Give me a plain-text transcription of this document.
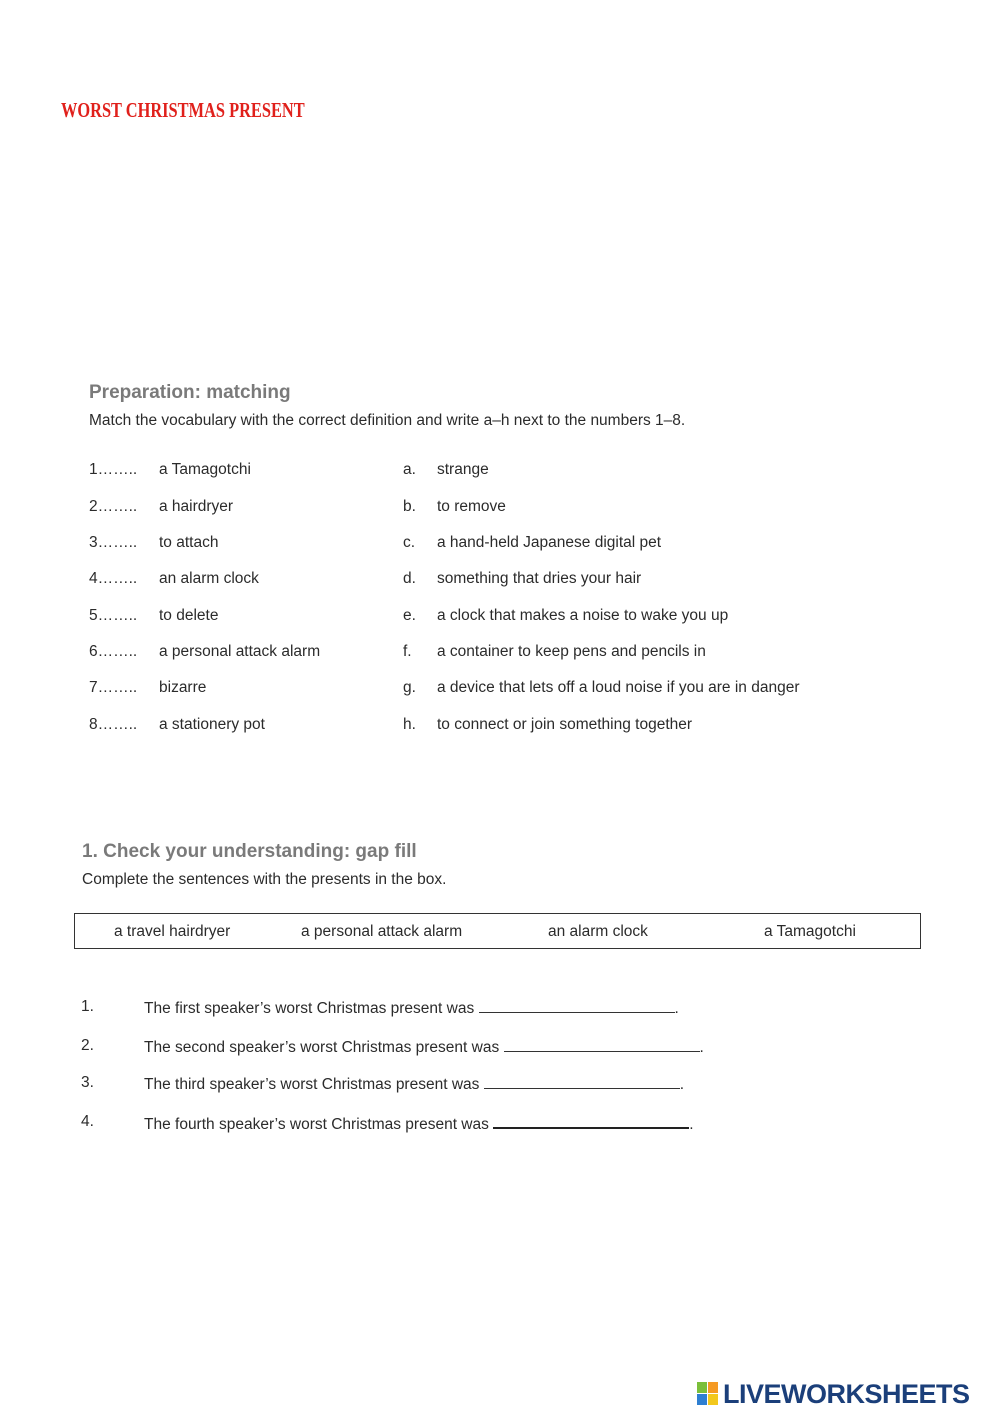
WORST CHRISTMAS PRESENT
Preparation: matching
Match the vocabulary with the correct definition and write a–h next to the numbers 1–8.
1…….. a Tamagotchi	a. strange
2…….. a hairdryer	b. to remove
3…….. to attach	c. a hand-held Japanese digital pet
4…….. an alarm clock	d. something that dries your hair
5…….. to delete	e. a clock that makes a noise to wake you up
6…….. a personal attack alarm	f. a container to keep pens and pencils in
7…….. bizarre	g. a device that lets off a loud noise if you are in danger
8…….. a stationery pot	h. to connect or join something together
1. Check your understanding: gap fill
Complete the sentences with the presents in the box.
a travel hairdryer	a personal attack alarm	an alarm clock	a Tamagotchi
1.	The first speaker’s worst Christmas present was	.
2.	The second speaker’s worst Christmas present was	.
3.	The third speaker’s worst Christmas present was	.
4.	The fourth speaker’s worst Christmas present was	.
LIVEWORKSHEETS
